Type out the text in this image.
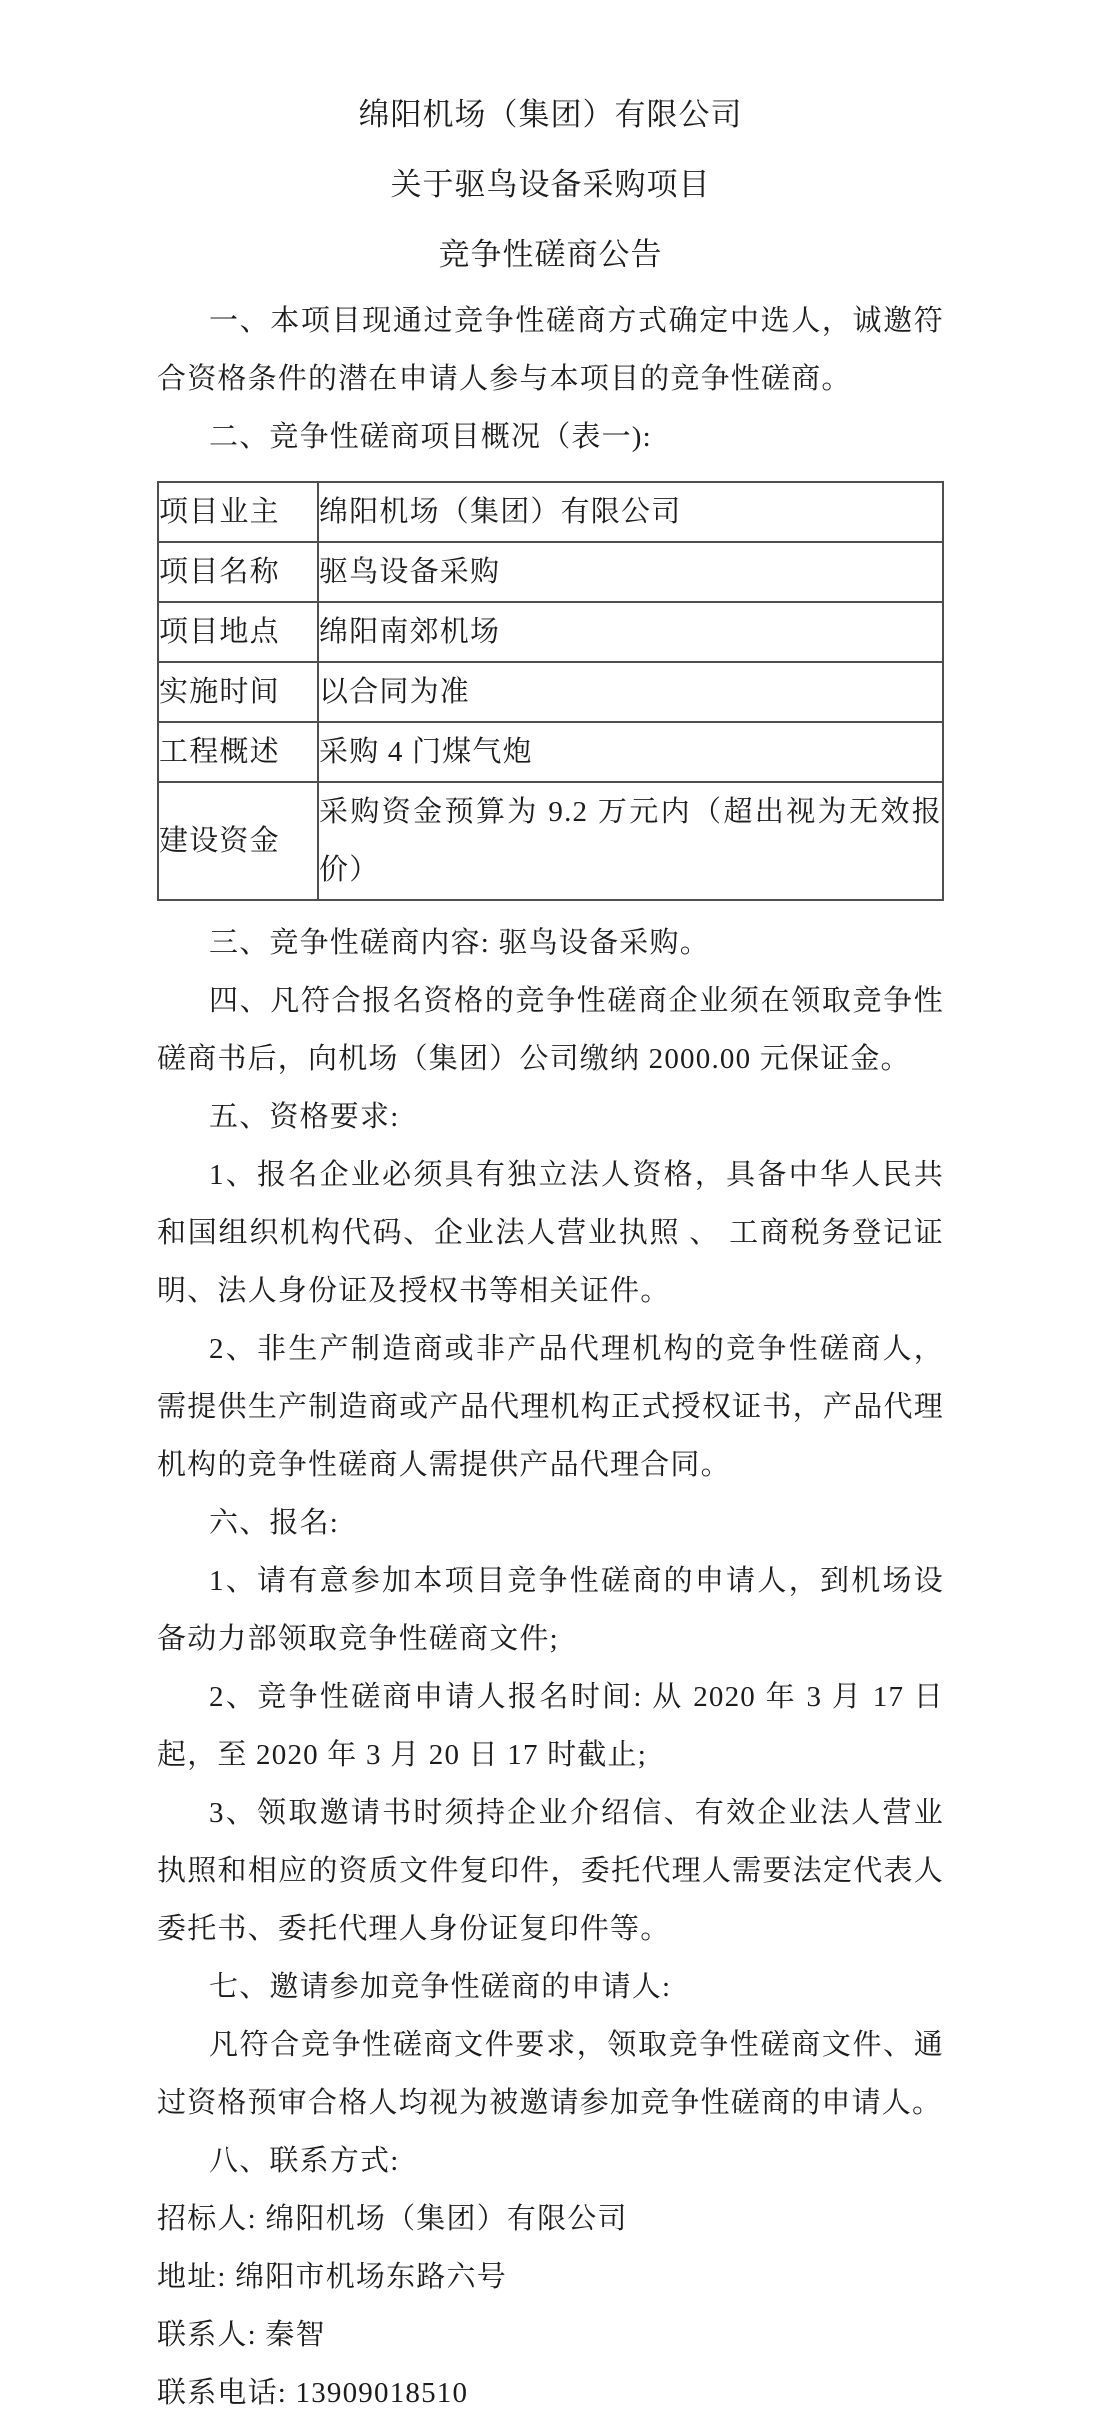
绵阳机场（集团）有限公司
关于驱鸟设备采购项目
竞争性磋商公告

一、本项目现通过竞争性磋商方式确定中选人，诚邀符合资格条件的潜在申请人参与本项目的竞争性磋商。

二、竞争性磋商项目概况（表一):

项目业主	绵阳机场（集团）有限公司
项目名称	驱鸟设备采购
项目地点	绵阳南郊机场
实施时间	以合同为准
工程概述	采购 4 门煤气炮
建设资金	采购资金预算为 9.2 万元内（超出视为无效报价）

三、竞争性磋商内容: 驱鸟设备采购。

四、凡符合报名资格的竞争性磋商企业须在领取竞争性磋商书后，向机场（集团）公司缴纳 2000.00 元保证金。

五、资格要求:

1、报名企业必须具有独立法人资格，具备中华人民共和国组织机构代码、企业法人营业执照 、 工商税务登记证明、法人身份证及授权书等相关证件。

2、非生产制造商或非产品代理机构的竞争性磋商人，需提供生产制造商或产品代理机构正式授权证书，产品代理机构的竞争性磋商人需提供产品代理合同。

六、报名:

1、请有意参加本项目竞争性磋商的申请人，到机场设备动力部领取竞争性磋商文件;

2、竞争性磋商申请人报名时间: 从 2020 年 3 月 17 日起，至 2020 年 3 月 20 日 17 时截止;

3、领取邀请书时须持企业介绍信、有效企业法人营业执照和相应的资质文件复印件，委托代理人需要法定代表人委托书、委托代理人身份证复印件等。

七、邀请参加竞争性磋商的申请人:

凡符合竞争性磋商文件要求，领取竞争性磋商文件、通过资格预审合格人均视为被邀请参加竞争性磋商的申请人。

八、联系方式:

招标人: 绵阳机场（集团）有限公司

地址: 绵阳市机场东路六号

联系人: 秦智

联系电话: 13909018510
